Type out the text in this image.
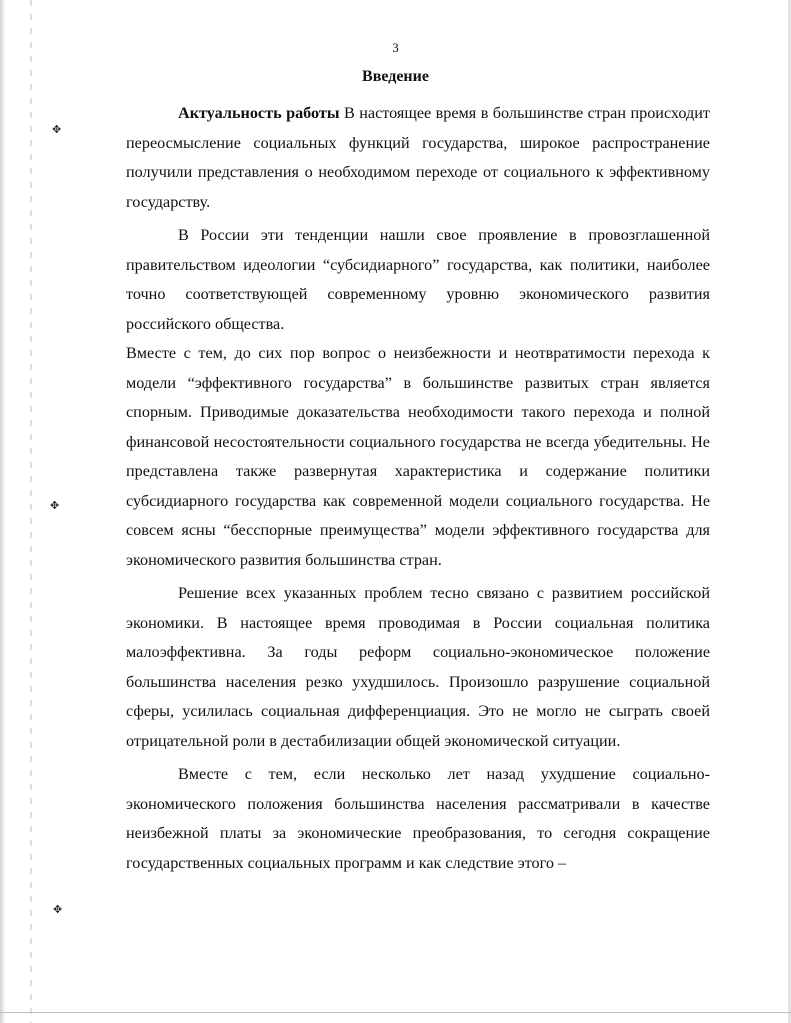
✥
✥
✥
3
Введение

Актуальность работы В настоящее время в большинстве стран происходит переосмысление социальных функций государства, широкое распространение получили представления о необходимом переходе от социального к эффективному государству.

В России эти тенденции нашли свое проявление в провозглашенной правительством идеологии “субсидиарного” государства, как политики, наиболее точно соответствующей современному уровню экономического развития российского общества.

Вместе с тем, до сих пор вопрос о неизбежности и неотвратимости перехода к модели “эффективного государства” в большинстве развитых стран является спорным. Приводимые доказательства необходимости такого перехода и полной финансовой несостоятельности социального государства не всегда убедительны. Не представлена также развернутая характеристика и содержание политики субсидиарного государства как современной модели социального государства. Не совсем ясны “бесспорные преимущества” модели эффективного государства для экономического развития большинства стран.

Решение всех указанных проблем тесно связано с развитием российской экономики. В настоящее время проводимая в России социальная политика малоэффективна. За годы реформ социально-экономическое положение большинства населения резко ухудшилось. Произошло разрушение социальной сферы, усилилась социальная дифференциация. Это не могло не сыграть своей отрицательной роли в дестабилизации общей экономической ситуации.

Вместе с тем, если несколько лет назад ухудшение социально-экономического положения большинства населения рассматривали в качестве неизбежной платы за экономические преобразования, то сегодня сокращение государственных социальных программ и как следствие этого –
